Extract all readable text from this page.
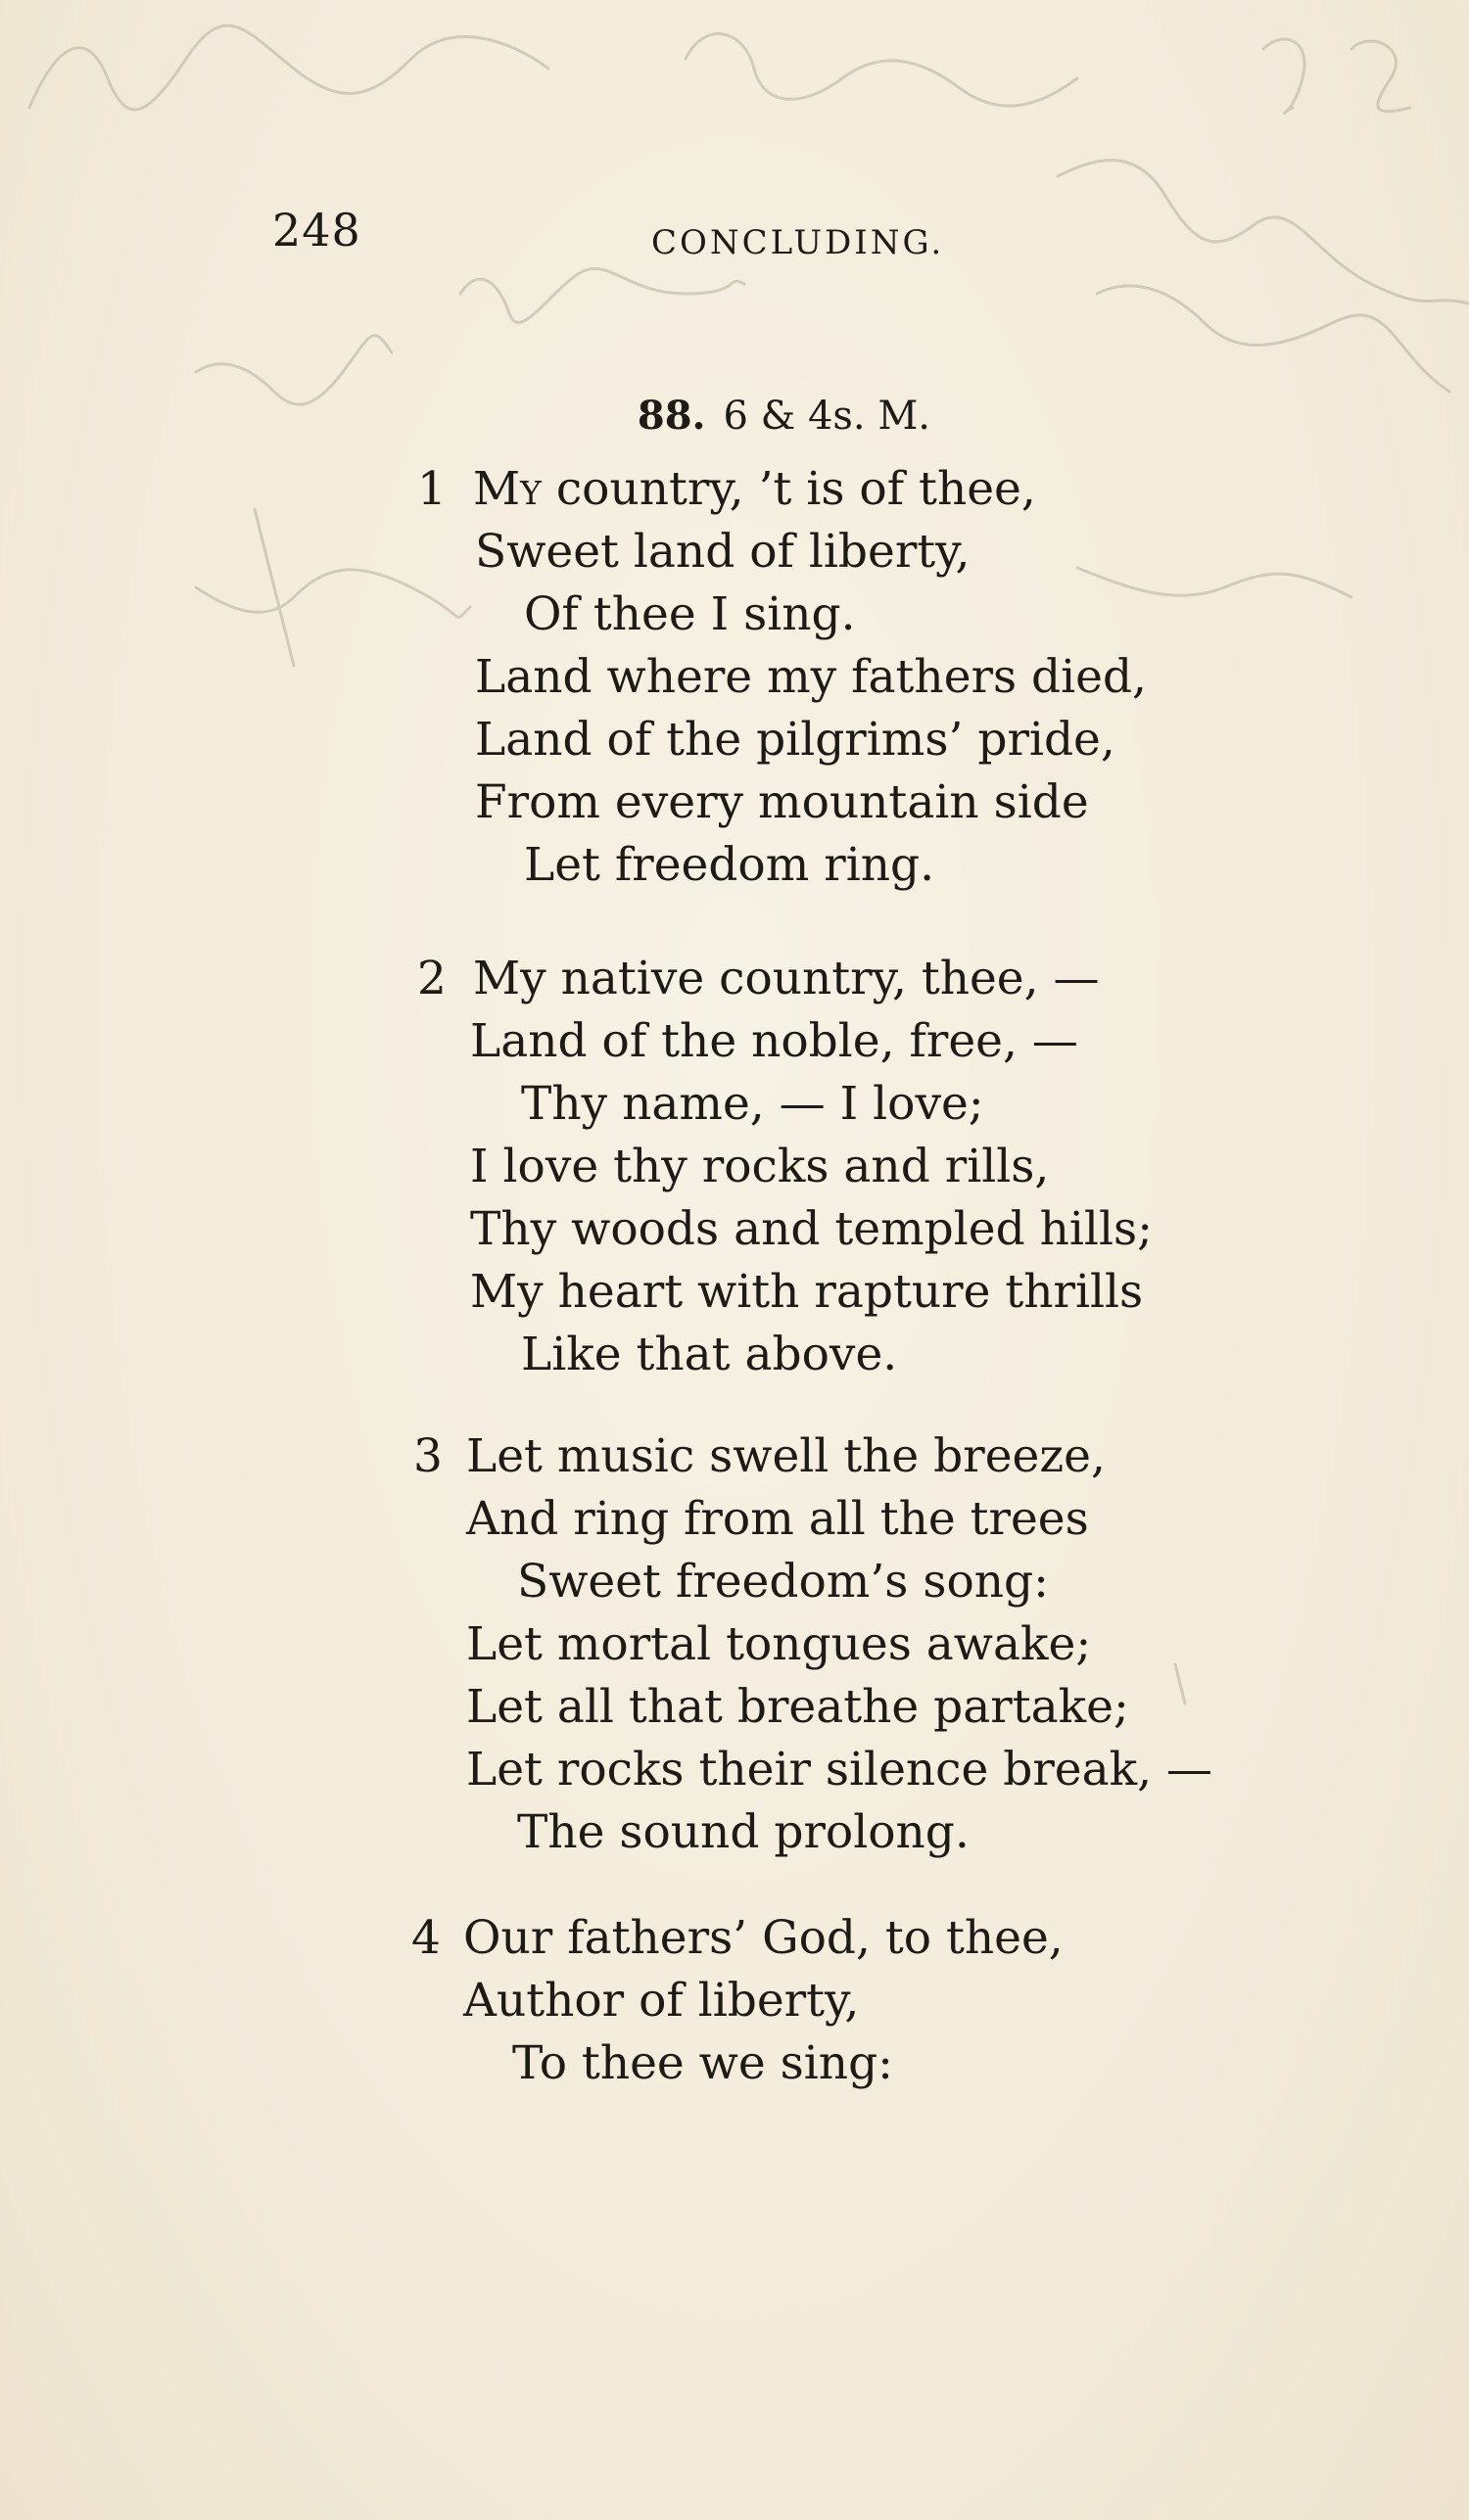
248	CONCLUDING.

88. 6 & 4s. M.

1 My country, ’t is of thee,
Sweet land of liberty,
Of thee I sing.
Land where my fathers died,
Land of the pilgrims’ pride,
From every mountain side
Let freedom ring.
2 My native country, thee, —
Land of the noble, free, —
Thy name, — I love;
I love thy rocks and rills,
Thy woods and templed hills;
My heart with rapture thrills
Like that above.
3 Let music swell the breeze,
And ring from all the trees
Sweet freedom’s song:
Let mortal tongues awake;
Let all that breathe partake;
Let rocks their silence break, —
The sound prolong.
4 Our fathers’ God, to thee,
Author of liberty,
To thee we sing:
